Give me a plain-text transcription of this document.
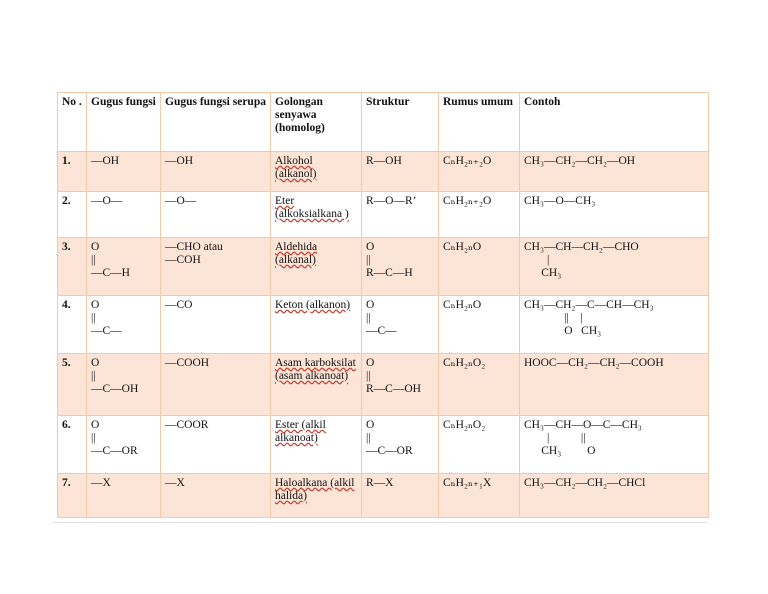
No .	Gugus fungsi	Gugus fungsi serupa	Golongan senyawa (homolog)	Struktur	Rumus umum	Contoh
1.	—OH	—OH	Alkohol (alkanol)	R—OH	CₙH₂ₙ₊₂O	CH₃—CH₂—CH₂—OH
2.	—O—	—O—	Eter (alkoksialkana )	R—O—R’	CₙH₂ₙ₊₂O	CH₃—O—CH₃
3.	O
||
—C—H	—CHO atau
—COH	Aldehida (alkanal)	O
||
R—C—H	CₙH₂ₙO	CH₃—CH—CH₂—CHO
|
CH₃
4.	O
||
—C—	—CO	Keton (alkanon)	O
||
—C—	CₙH₂ₙO	CH₃—CH₂—C—CH—CH₃
||    |
O   CH₃
5.	O
||
—C—OH	—COOH	Asam karboksilat (asam alkanoat)	O
||
R—C—OH	CₙH₂ₙO₂	HOOC—CH₂—CH₂—COOH
6.	O
||
—C—OR	—COOR	Ester (alkil alkanoat)	O
||
—C—OR	CₙH₂ₙO₂	CH₃—CH—O—C—CH₃
|           ||
CH₃         O
7.	—X	—X	Haloalkana (alkil halida)	R—X	CₙH₂ₙ₊₁X	CH₃—CH₂—CH₂—CHCl
